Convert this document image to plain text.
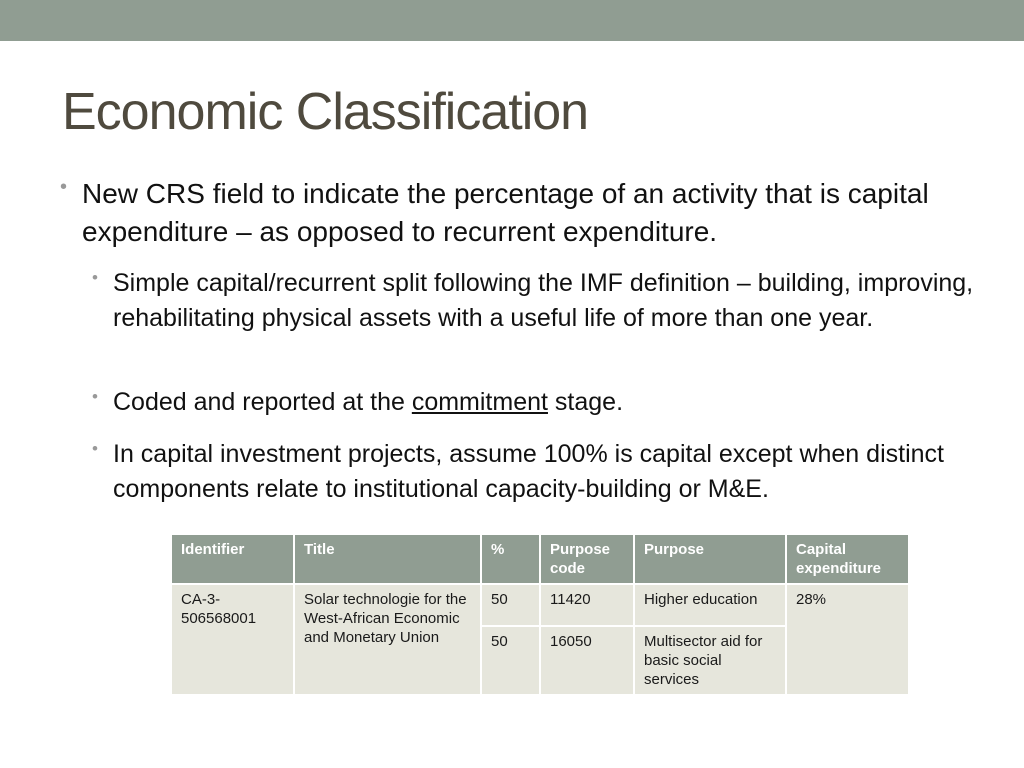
Economic Classification
• New CRS field to indicate the percentage of an activity that is capital expenditure – as opposed to recurrent expenditure.
• Simple capital/recurrent split following the IMF definition – building, improving, rehabilitating physical assets with a useful life of more than one year.
• Coded and reported at the commitment stage.
• In capital investment projects, assume 100% is capital except when distinct components relate to institutional capacity-building or M&E.
Identifier	Title	%	Purpose code	Purpose	Capital expenditure
CA-3-506568001	Solar technologie for the West-African Economic and Monetary Union	50	11420	Higher education	28%
		50	16050	Multisector aid for basic social services	
